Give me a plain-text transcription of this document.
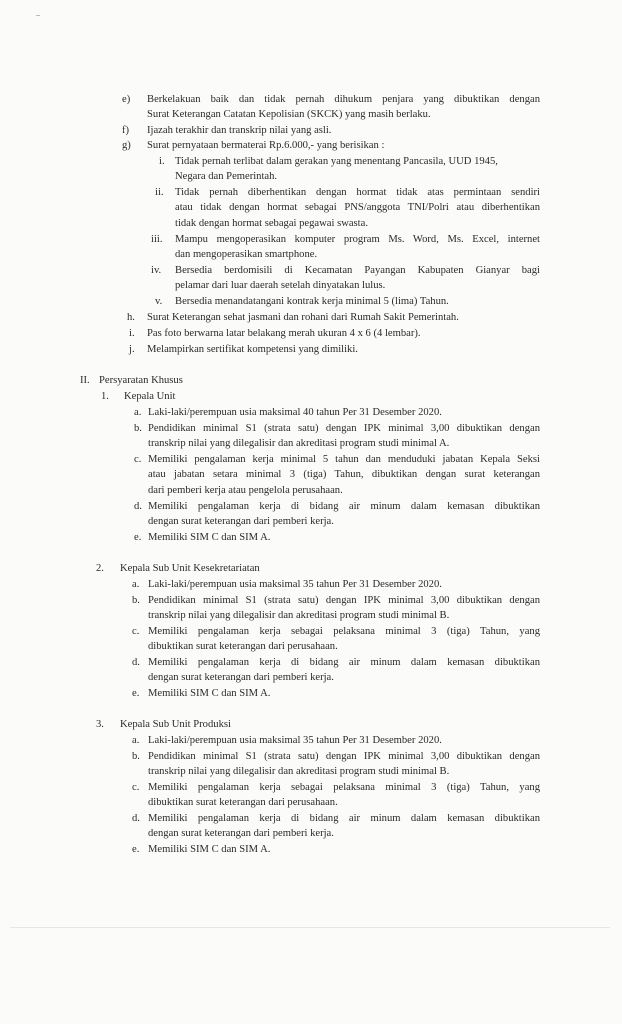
e) Berkelakuan baik dan tidak pernah dihukum penjara yang dibuktikan dengan

Surat Keterangan Catatan Kepolisian (SKCK) yang masih berlaku.

f) Ijazah terakhir dan transkrip nilai yang asli.

g) Surat pernyataan bermaterai Rp.6.000,- yang berisikan :

i. Tidak pernah terlibat dalam gerakan yang menentang Pancasila, UUD 1945,

Negara dan Pemerintah.

ii. Tidak pernah diberhentikan dengan hormat tidak atas permintaan sendiri

atau tidak dengan hormat sebagai PNS/anggota TNI/Polri atau diberhentikan

tidak dengan hormat sebagai pegawai swasta.

iii. Mampu mengoperasikan komputer program Ms. Word, Ms. Excel, internet

dan mengoperasikan smartphone.

iv. Bersedia berdomisili di Kecamatan Payangan Kabupaten Gianyar bagi

pelamar dari luar daerah setelah dinyatakan lulus.

v. Bersedia menandatangani kontrak kerja minimal 5 (lima) Tahun.

h. Surat Keterangan sehat jasmani dan rohani dari Rumah Sakit Pemerintah.

i. Pas foto berwarna latar belakang merah ukuran 4 x 6 (4 lembar).

j. Melampirkan sertifikat kompetensi yang dimiliki.

II. Persyaratan Khusus

1. Kepala Unit

a. Laki-laki/perempuan usia maksimal 40 tahun Per 31 Desember 2020.

b. Pendidikan minimal S1 (strata satu) dengan IPK minimal 3,00 dibuktikan dengan

transkrip nilai yang dilegalisir dan akreditasi program studi minimal A.

c. Memiliki pengalaman kerja minimal 5 tahun dan menduduki jabatan Kepala Seksi

atau jabatan setara minimal 3 (tiga) Tahun, dibuktikan dengan surat keterangan

dari pemberi kerja atau pengelola perusahaan.

d. Memiliki pengalaman kerja di bidang air minum dalam kemasan dibuktikan

dengan surat keterangan dari pemberi kerja.

e. Memiliki SIM C dan SIM A.

2. Kepala Sub Unit Kesekretariatan

a. Laki-laki/perempuan usia maksimal 35 tahun Per 31 Desember 2020.

b. Pendidikan minimal S1 (strata satu) dengan IPK minimal 3,00 dibuktikan dengan

transkrip nilai yang dilegalisir dan akreditasi program studi minimal B.

c. Memiliki pengalaman kerja sebagai pelaksana minimal 3 (tiga) Tahun, yang

dibuktikan surat keterangan dari perusahaan.

d. Memiliki pengalaman kerja di bidang air minum dalam kemasan dibuktikan

dengan surat keterangan dari pemberi kerja.

e. Memiliki SIM C dan SIM A.

3. Kepala Sub Unit Produksi

a. Laki-laki/perempuan usia maksimal 35 tahun Per 31 Desember 2020.

b. Pendidikan minimal S1 (strata satu) dengan IPK minimal 3,00 dibuktikan dengan

transkrip nilai yang dilegalisir dan akreditasi program studi minimal B.

c. Memiliki pengalaman kerja sebagai pelaksana minimal 3 (tiga) Tahun, yang

dibuktikan surat keterangan dari perusahaan.

d. Memiliki pengalaman kerja di bidang air minum dalam kemasan dibuktikan

dengan surat keterangan dari pemberi kerja.

e. Memiliki SIM C dan SIM A.
